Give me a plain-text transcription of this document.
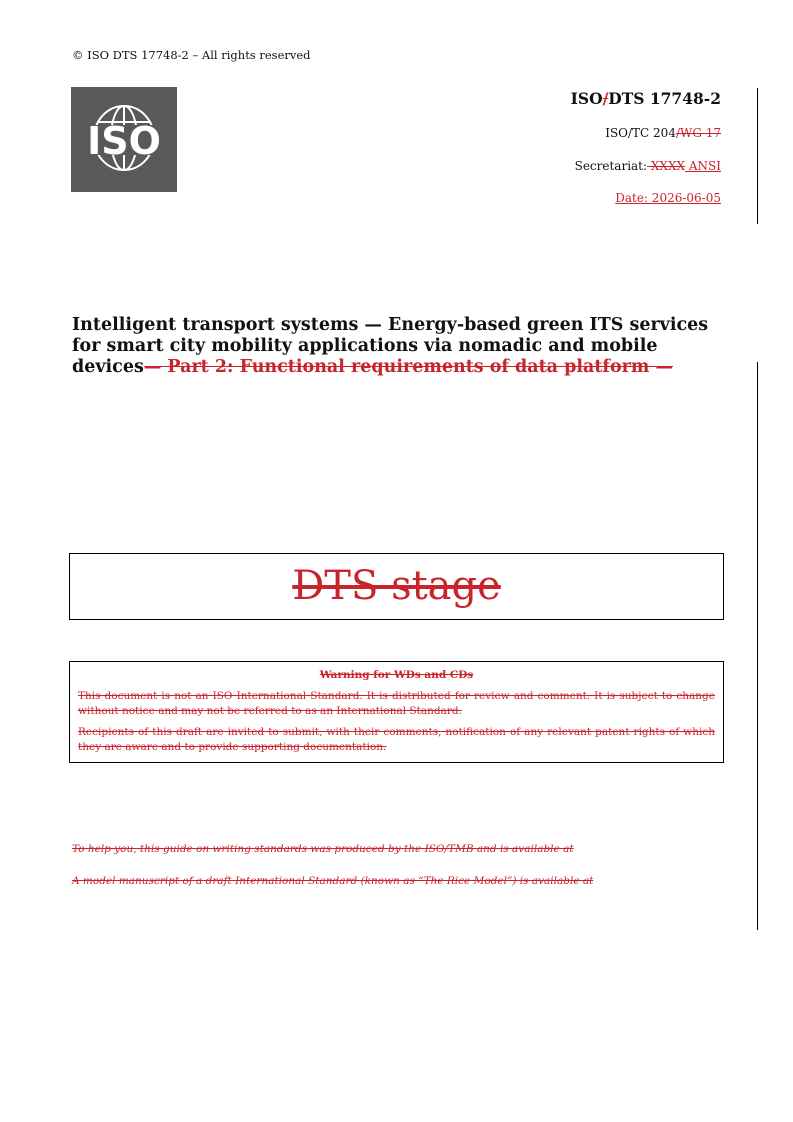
© ISO DTS 17748-2 – All rights reserved
ISO
ISO/DTS 17748-2
ISO/TC 204/WG 17
Secretariat: XXXX ANSI
Date: 2026-06-05
Intelligent transport systems — Energy-based green ITS services for smart city mobility applications via nomadic and mobile devices— Part 2: Functional requirements of data platform —
DTS stage
Warning for WDs and CDs

This document is not an ISO International Standard. It is distributed for review and comment. It is subject to change without notice and may not be referred to as an International Standard.

Recipients of this draft are invited to submit, with their comments, notification of any relevant patent rights of which they are aware and to provide supporting documentation.

To help you, this guide on writing standards was produced by the ISO/TMB and is available at
A model manuscript of a draft International Standard (known as “The Rice Model”) is available at
